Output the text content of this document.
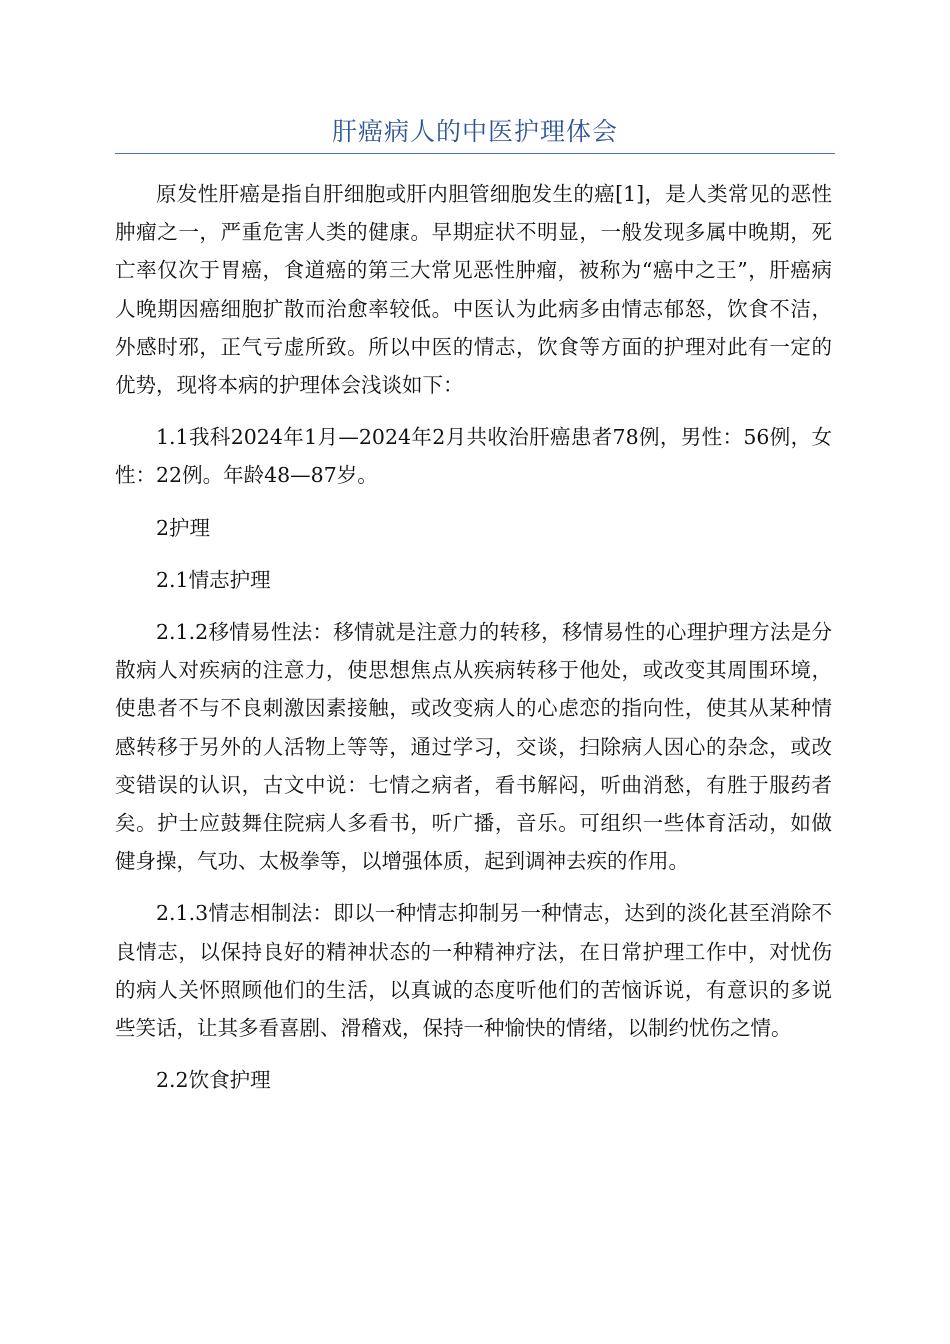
肝癌病人的中医护理体会

原发性肝癌是指自肝细胞或肝内胆管细胞发生的癌[1]，是人类常见的恶性肿瘤之一，严重危害人类的健康。早期症状不明显，一般发现多属中晚期，死亡率仅次于胃癌，食道癌的第三大常见恶性肿瘤，被称为“癌中之王”，肝癌病人晚期因癌细胞扩散而治愈率较低。中医认为此病多由情志郁怒，饮食不洁，外感时邪，正气亏虚所致。所以中医的情志，饮食等方面的护理对此有一定的优势，现将本病的护理体会浅谈如下：

1.1我科2024年1月—2024年2月共收治肝癌患者78例，男性：56例，女性：22例。年龄48—87岁。

2护理

2.1情志护理

2.1.2移情易性法：移情就是注意力的转移，移情易性的心理护理方法是分散病人对疾病的注意力，使思想焦点从疾病转移于他处，或改变其周围环境，使患者不与不良刺激因素接触，或改变病人的心虑恋的指向性，使其从某种情感转移于另外的人活物上等等，通过学习，交谈，扫除病人因心的杂念，或改变错误的认识，古文中说：七情之病者，看书解闷，听曲消愁，有胜于服药者矣。护士应鼓舞住院病人多看书，听广播，音乐。可组织一些体育活动，如做健身操，气功、太极拳等，以增强体质，起到调神去疾的作用。

2.1.3情志相制法：即以一种情志抑制另一种情志，达到的淡化甚至消除不良情志，以保持良好的精神状态的一种精神疗法，在日常护理工作中，对忧伤的病人关怀照顾他们的生活，以真诚的态度听他们的苦恼诉说，有意识的多说些笑话，让其多看喜剧、滑稽戏，保持一种愉快的情绪，以制约忧伤之情。

2.2饮食护理
